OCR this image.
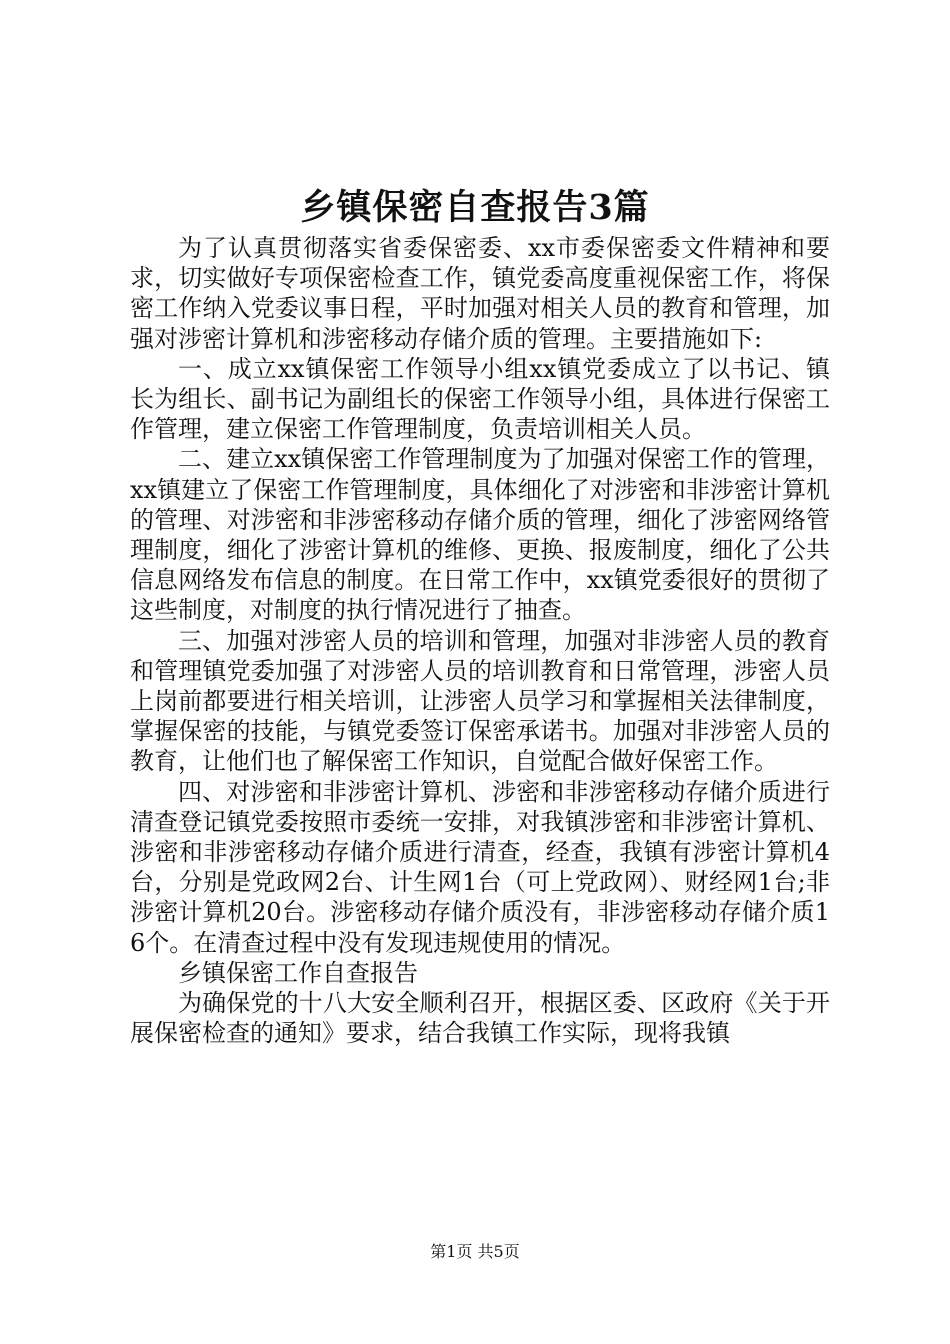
乡镇保密自查报告3篇

为了认真贯彻落实省委保密委、xx市委保密委文件精神和要求，切实做好专项保密检查工作，镇党委高度重视保密工作，将保密工作纳入党委议事日程，平时加强对相关人员的教育和管理，加强对涉密计算机和涉密移动存储介质的管理。主要措施如下:

一、成立xx镇保密工作领导小组xx镇党委成立了以书记、镇长为组长、副书记为副组长的保密工作领导小组，具体进行保密工作管理，建立保密工作管理制度，负责培训相关人员。

二、建立xx镇保密工作管理制度为了加强对保密工作的管理，xx镇建立了保密工作管理制度，具体细化了对涉密和非涉密计算机的管理、对涉密和非涉密移动存储介质的管理，细化了涉密网络管理制度，细化了涉密计算机的维修、更换、报废制度，细化了公共信息网络发布信息的制度。在日常工作中，xx镇党委很好的贯彻了这些制度，对制度的执行情况进行了抽查。

三、加强对涉密人员的培训和管理，加强对非涉密人员的教育和管理镇党委加强了对涉密人员的培训教育和日常管理，涉密人员上岗前都要进行相关培训，让涉密人员学习和掌握相关法律制度，掌握保密的技能，与镇党委签订保密承诺书。加强对非涉密人员的教育，让他们也了解保密工作知识，自觉配合做好保密工作。

四、对涉密和非涉密计算机、涉密和非涉密移动存储介质进行清查登记镇党委按照市委统一安排，对我镇涉密和非涉密计算机、涉密和非涉密移动存储介质进行清查，经查，我镇有涉密计算机4台，分别是党政网2台、计生网1台（可上党政网）、财经网1台;非涉密计算机20台。涉密移动存储介质没有，非涉密移动存储介质16个。在清查过程中没有发现违规使用的情况。

乡镇保密工作自查报告

为确保党的十八大安全顺利召开，根据区委、区政府《关于开展保密检查的通知》要求，结合我镇工作实际，现将我镇

第1页 共5页
